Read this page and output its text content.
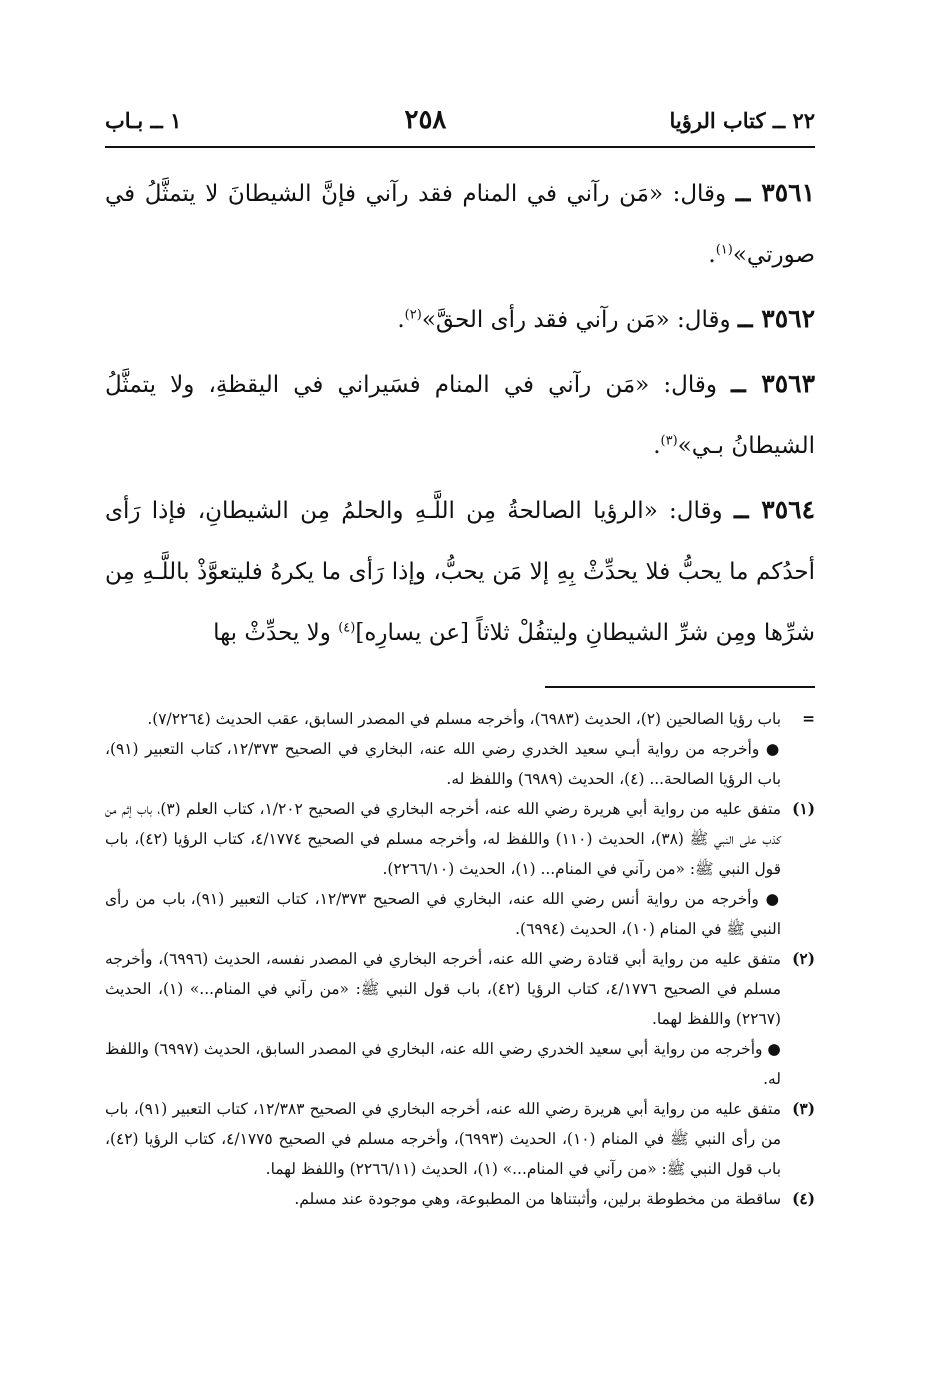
٢٢ ــ كتاب الرؤيا
٢٥٨
١ ــ بـاب

٣٥٦١ ــ وقال: «مَن رآني في المنام فقد رآني فإنَّ الشيطانَ لا يتمثَّلُ في صورتي»$^{(١)}$.

٣٥٦٢ ــ وقال: «مَن رآني فقد رأى الحقَّ»$^{(٢)}$.

٣٥٦٣ ــ وقال: «مَن رآني في المنام فسَيراني في اليقظةِ، ولا يتمثَّلُ الشيطانُ بـي»$^{(٣)}$.

٣٥٦٤ ــ وقال: «الرؤيا الصالحةُ مِن اللَّـهِ والحلمُ مِن الشيطانِ، فإذا رَأى أحدُكم ما يحبُّ فلا يحدِّثْ بِهِ إلا مَن يحبُّ، وإذا رَأى ما يكرهُ فليتعوَّذْ باللَّـهِ مِن شرِّها ومِن شرِّ الشيطانِ وليتفُلْ ثلاثاً [عن يسارِه]$^{(٤)}$ ولا يحدِّثْ بها

=
باب رؤيا الصالحين (٢)، الحديث (٦٩٨٣)، وأخرجه مسلم في المصدر السابق، عقب الحديث (٧/٢٢٦٤).
● وأخرجه من رواية أبـي سعيد الخدري رضي الله عنه، البخاري في الصحيح ١٢/٣٧٣، كتاب التعبير (٩١)، باب الرؤيا الصالحة... (٤)، الحديث (٦٩٨٩) واللفظ له.
(١)
متفق عليه من رواية أبي هريرة رضي الله عنه، أخرجه البخاري في الصحيح ١/٢٠٢، كتاب العلم (٣)، باب إثم من كذب على النبي ﷺ (٣٨)، الحديث (١١٠) واللفظ له، وأخرجه مسلم في الصحيح ٤/١٧٧٤، كتاب الرؤيا (٤٢)، باب قول النبي ﷺ: «من رآني في المنام... (١)، الحديث (٢٢٦٦/١٠).
● وأخرجه من رواية أنس رضي الله عنه، البخاري في الصحيح ١٢/٣٧٣، كتاب التعبير (٩١)، باب من رأى النبي ﷺ في المنام (١٠)، الحديث (٦٩٩٤).
(٢)
متفق عليه من رواية أبي قتادة رضي الله عنه، أخرجه البخاري في المصدر نفسه، الحديث (٦٩٩٦)، وأخرجه مسلم في الصحيح ٤/١٧٧٦، كتاب الرؤيا (٤٢)، باب قول النبي ﷺ: «من رآني في المنام...» (١)، الحديث (٢٢٦٧) واللفظ لهما.
● وأخرجه من رواية أبي سعيد الخدري رضي الله عنه، البخاري في المصدر السابق، الحديث (٦٩٩٧) واللفظ له.
(٣)
متفق عليه من رواية أبي هريرة رضي الله عنه، أخرجه البخاري في الصحيح ١٢/٣٨٣، كتاب التعبير (٩١)، باب من رأى النبي ﷺ في المنام (١٠)، الحديث (٦٩٩٣)، وأخرجه مسلم في الصحيح ٤/١٧٧٥، كتاب الرؤيا (٤٢)، باب قول النبي ﷺ: «من رآني في المنام...» (١)، الحديث (٢٢٦٦/١١) واللفظ لهما.
(٤)
ساقطة من مخطوطة برلين، وأثبتناها من المطبوعة، وهي موجودة عند مسلم.
